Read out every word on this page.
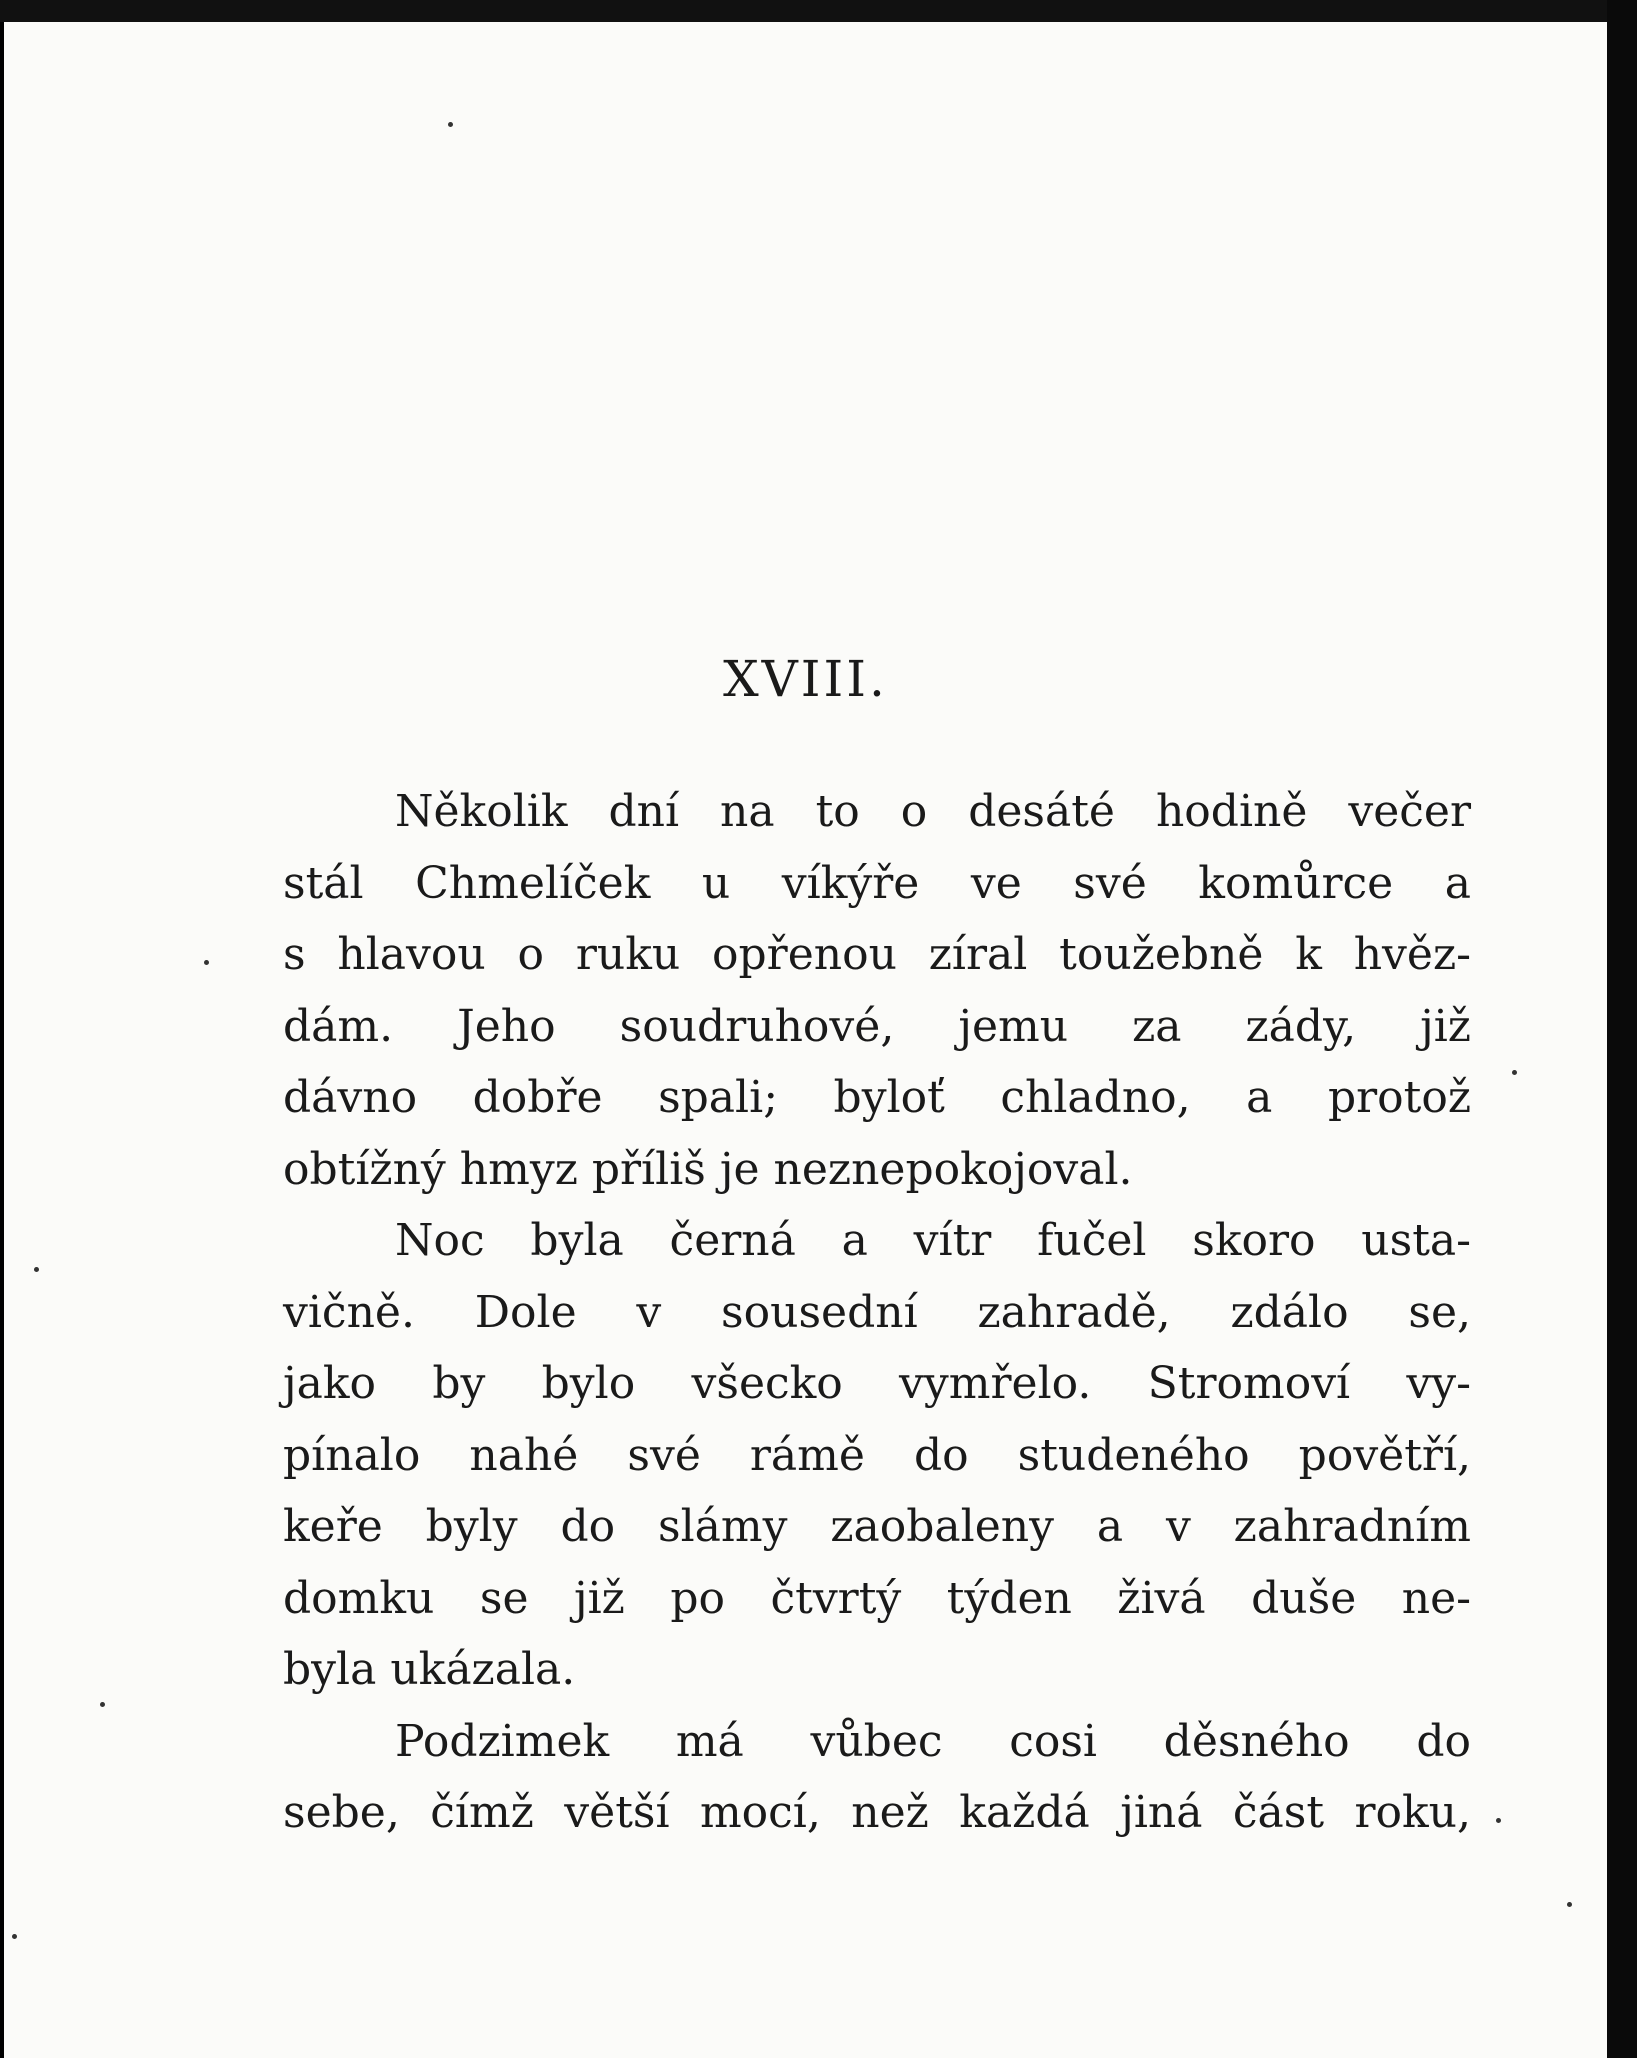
XVIII.

Několik dní na to o desáté hodině večer
stál Chmelíček u víkýře ve své komůrce a
s hlavou o ruku opřenou zíral toužebně k hvěz-
dám. Jeho soudruhové, jemu za zády, již
dávno dobře spali; byloť chladno, a protož
obtížný hmyz příliš je neznepokojoval.

Noc byla černá a vítr fučel skoro usta-
vičně. Dole v sousední zahradě, zdálo se,
jako by bylo všecko vymřelo. Stromoví vy-
pínalo nahé své rámě do studeného povětří,
keře byly do slámy zaobaleny a v zahradním
domku se již po čtvrtý týden živá duše ne-
byla ukázala.

Podzimek má vůbec cosi děsného do
sebe, čímž větší mocí, než každá jiná část roku,
